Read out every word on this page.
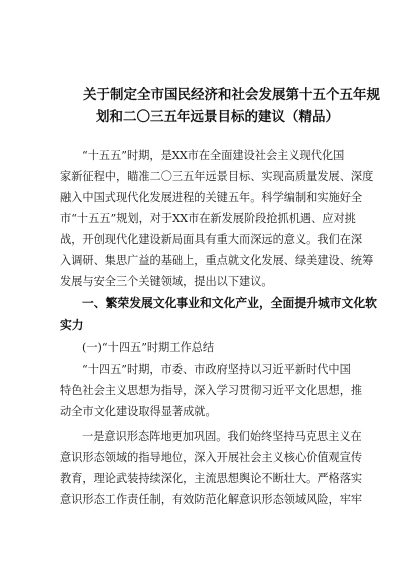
关于制定全市国民经济和社会发展第十五个五年规
划和二〇三五年远景目标的建议（精品）
“十五五”时期，是XX市在全面建设社会主义现代化国
家新征程中，瞄准二〇三五年远景目标、实现高质量发展、深度
融入中国式现代化发展进程的关键五年。科学编制和实施好全
市“十五五”规划，对于XX市在新发展阶段抢抓机遇、应对挑
战，开创现代化建设新局面具有重大而深远的意义。我们在深
入调研、集思广益的基础上，重点就文化发展、绿美建设、统筹
发展与安全三个关键领域，提出以下建议。
一、繁荣发展文化事业和文化产业，全面提升城市文化软
实力
(一)“十四五”时期工作总结
“十四五”时期，市委、市政府坚持以习近平新时代中国
特色社会主义思想为指导，深入学习贯彻习近平文化思想，推
动全市文化建设取得显著成就。
一是意识形态阵地更加巩固。我们始终坚持马克思主义在
意识形态领域的指导地位，深入开展社会主义核心价值观宣传
教育，理论武装持续深化，主流思想舆论不断壮大。严格落实
意识形态工作责任制，有效防范化解意识形态领域风险，牢牢
